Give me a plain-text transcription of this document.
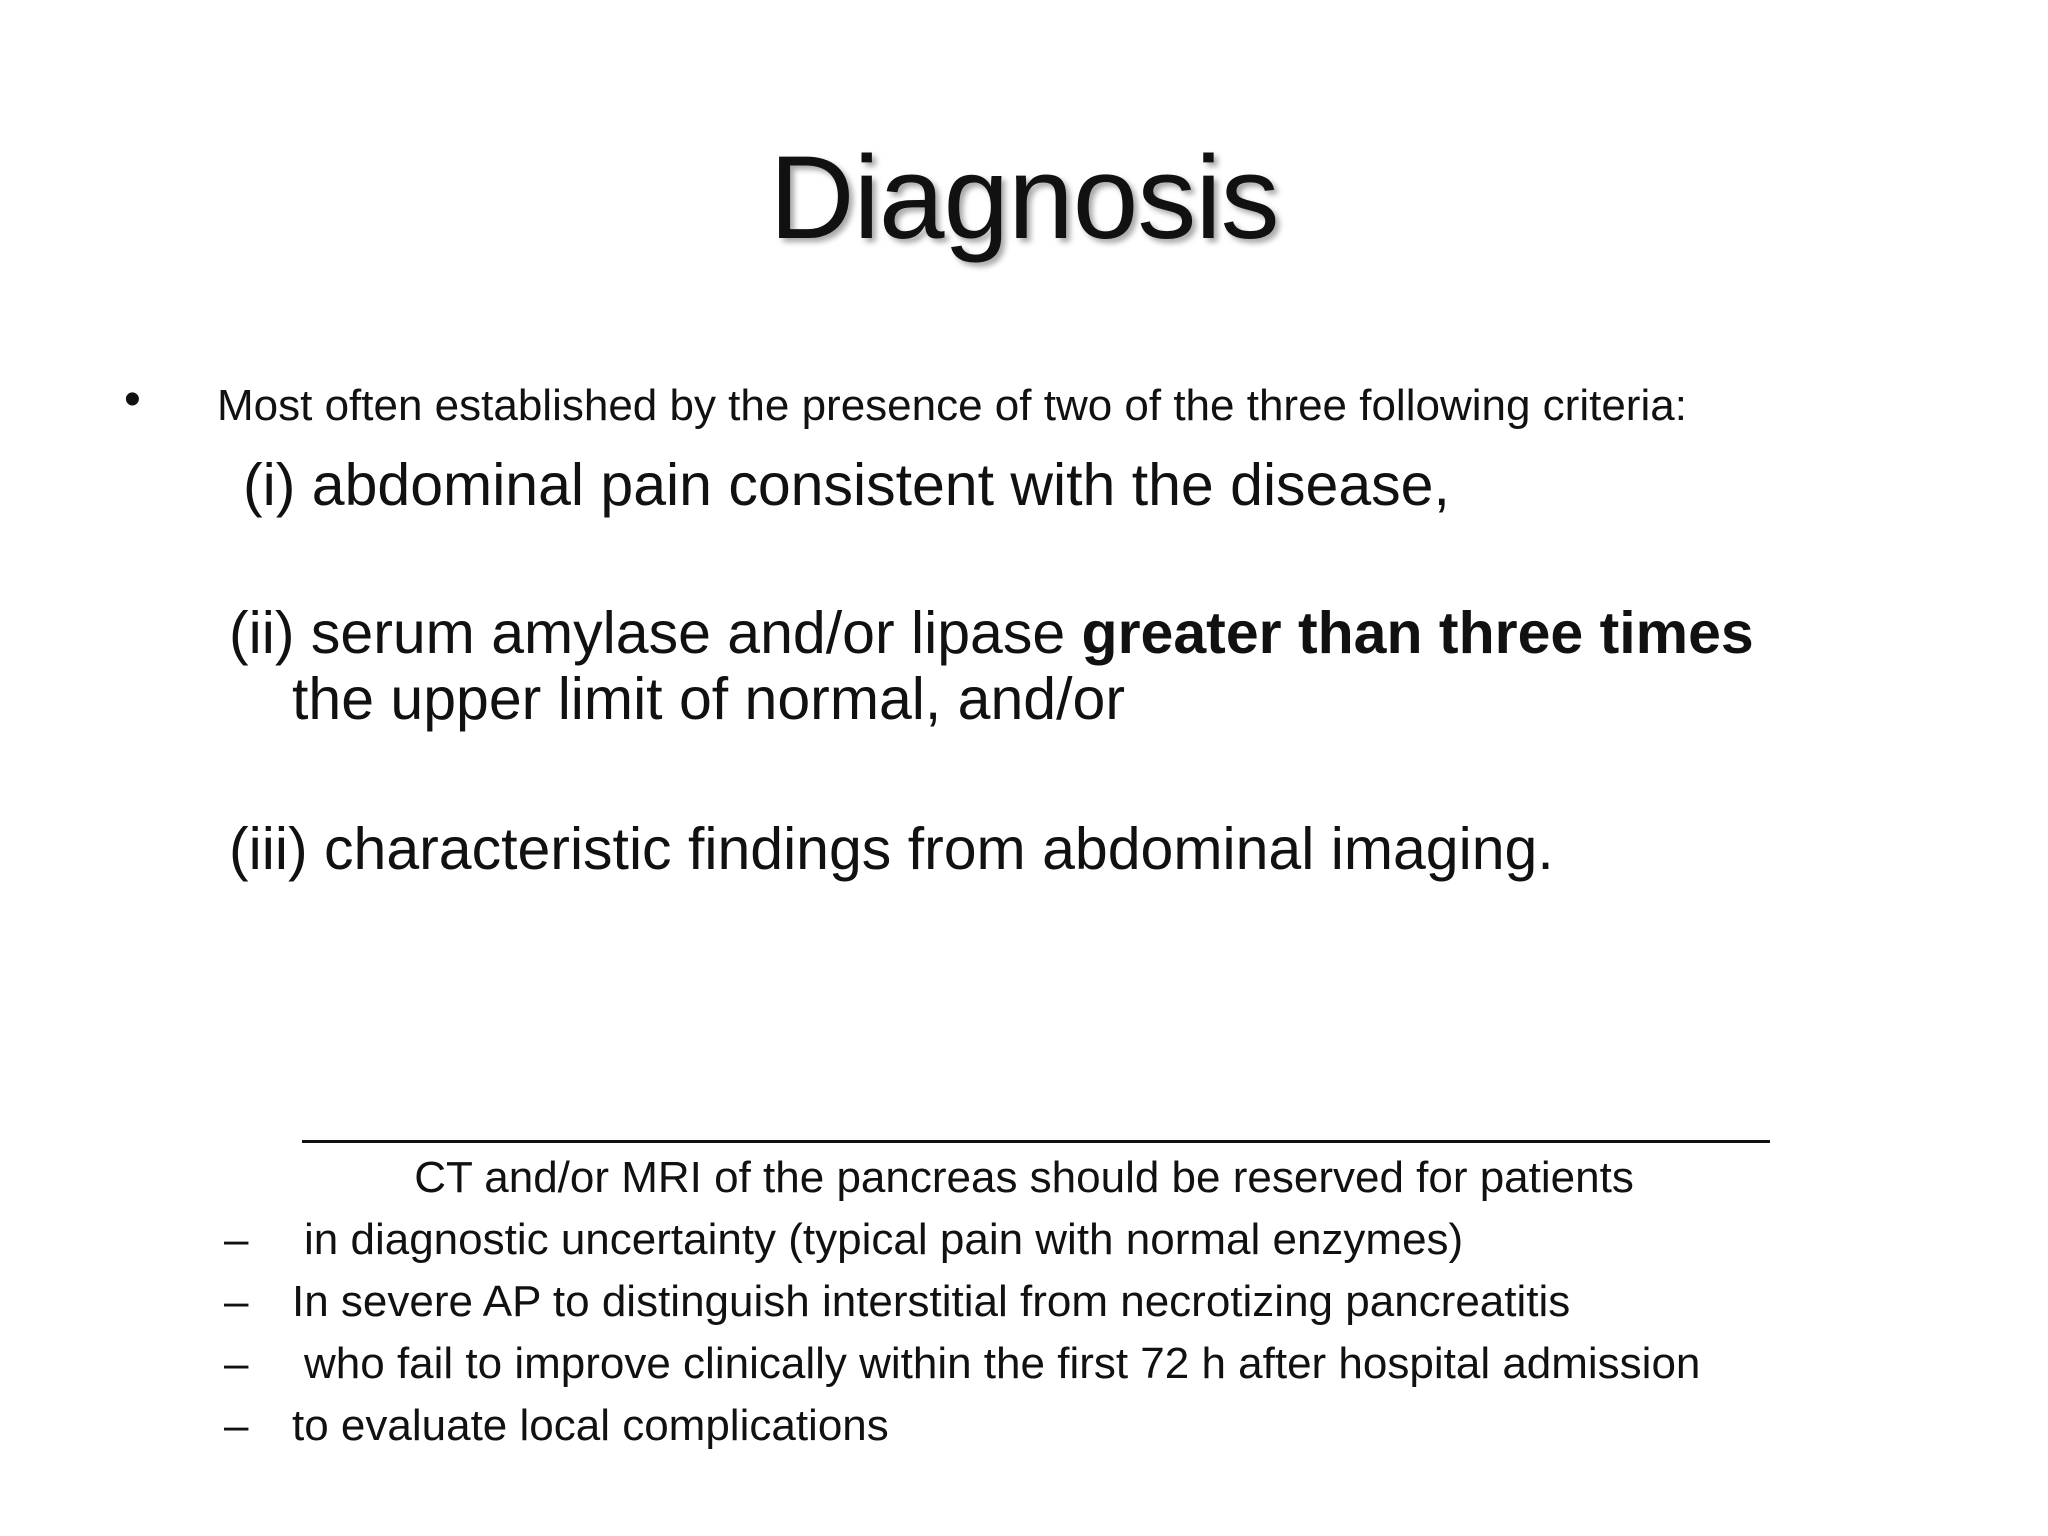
Diagnosis
• Most often established by the presence of two of the three following criteria:
(i) abdominal pain consistent with the disease,
(ii) serum amylase and/or lipase greater than three times
the upper limit of normal, and/or
(iii) characteristic ﬁndings from abdominal imaging.
CT and/or MRI of the pancreas should be reserved for patients
– in diagnostic uncertainty (typical pain with normal enzymes)
– In severe AP to distinguish interstitial from necrotizing pancreatitis
– who fail to improve clinically within the ﬁrst 72 h after hospital admission
– to evaluate local complications
